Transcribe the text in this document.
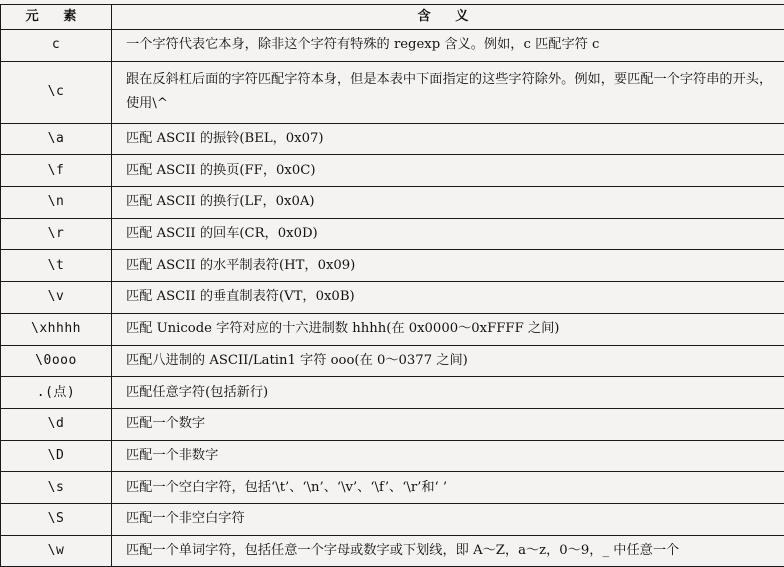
元 素	含 义
c	一个字符代表它本身，除非这个字符有特殊的 regexp 含义。例如，c 匹配字符 c
\c	跟在反斜杠后面的字符匹配字符本身，但是本表中下面指定的这些字符除外。例如，要匹配一个字符串的开头，使用\^
\a	匹配 ASCII 的振铃(BEL，0x07)
\f	匹配 ASCII 的换页(FF，0x0C)
\n	匹配 ASCII 的换行(LF，0x0A)
\r	匹配 ASCII 的回车(CR，0x0D)
\t	匹配 ASCII 的水平制表符(HT，0x09)
\v	匹配 ASCII 的垂直制表符(VT，0x0B)
\xhhhh	匹配 Unicode 字符对应的十六进制数 hhhh(在 0x0000～0xFFFF 之间)
\0ooo	匹配八进制的 ASCII/Latin1 字符 ooo(在 0～0377 之间)
.(点)	匹配任意字符(包括新行)
\d	匹配一个数字
\D	匹配一个非数字
\s	匹配一个空白字符，包括‘\t’、‘\n’、‘\v’、‘\f’、‘\r’和‘ ’
\S	匹配一个非空白字符
\w	匹配一个单词字符，包括任意一个字母或数字或下划线，即 A～Z，a～z，0～9，_ 中任意一个
